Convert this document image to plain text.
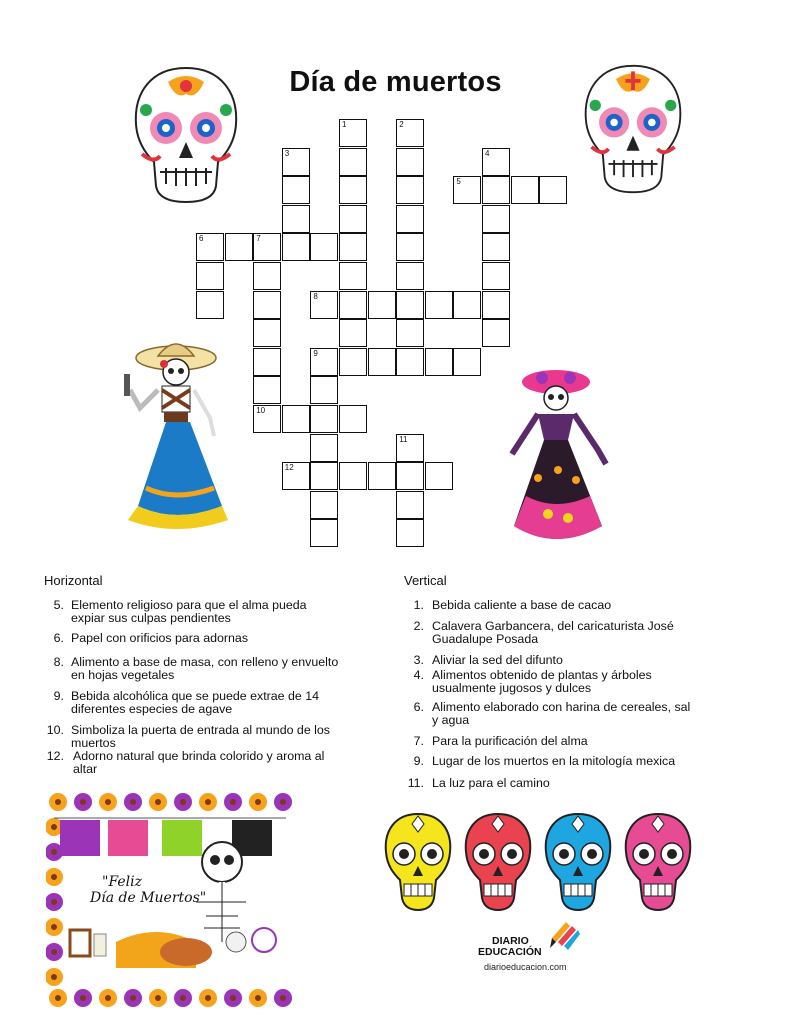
Día de muertos
1	2
3	4
5
6	7
8
9
10
11
12
Horizontal	Vertical
5. Elemento religioso para que el alma pueda
expiar sus culpas pendientes
6. Papel con orificios para adornas
8. Alimento a base de masa, con relleno y envuelto
en hojas vegetales
9. Bebida alcohólica que se puede extrae de 14
diferentes especies de agave
10. Simboliza la puerta de entrada al mundo de los
muertos
12. Adorno natural que brinda colorido y aroma al
altar
1. Bebida caliente a base de cacao
2. Calavera Garbancera, del caricaturista José
Guadalupe Posada
3. Aliviar la sed del difunto
4. Alimentos obtenido de plantas y árboles
usualmente jugosos y dulces
6. Alimento elaborado con harina de cereales, sal
y agua
7. Para la purificación del alma
9. Lugar de los muertos en la mitología mexica
11. La luz para el camino
"Feliz
Día de Muertos"
DIARIO
EDUCACIÓN
diarioeducacion.com
